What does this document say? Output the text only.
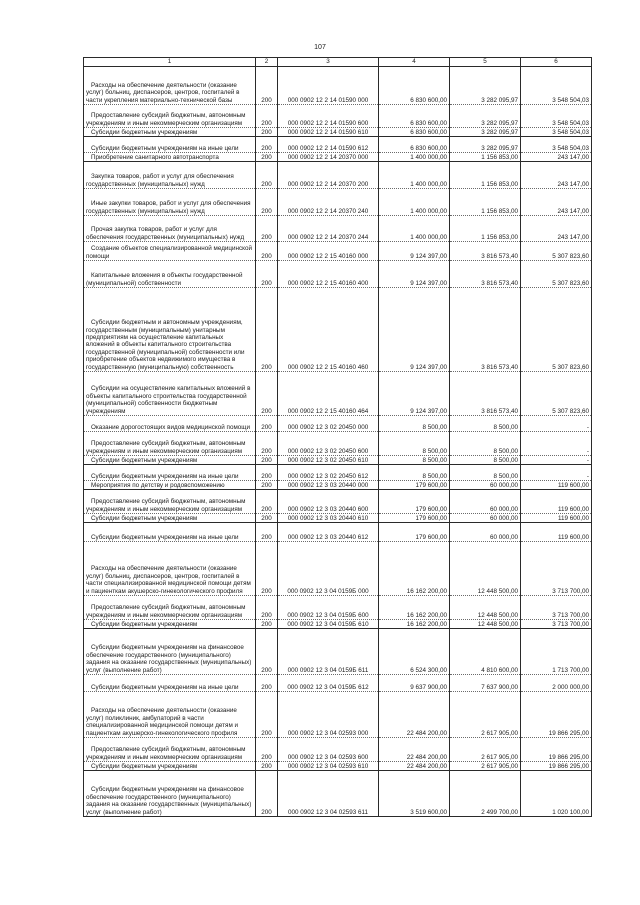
107
1	2	3	4	5	6

Расходы на обеспечение деятельности (оказание услуг) больниц, диспансеров, центров, госпиталей в части укрепления материально-технической базы	200	000 0902 12 2 14 01590 000	6 830 600,00	3 282 095,97	3 548 504,03

Предоставление субсидий бюджетным, автономным учреждениям и иным некоммерческим организациям	200	000 0902 12 2 14 01590 600	6 830 600,00	3 282 095,97	3 548 504,03

Субсидии бюджетным учреждениям	200	000 0902 12 2 14 01590 610	6 830 600,00	3 282 095,97	3 548 504,03

Субсидии бюджетным учреждениям на иные цели	200	000 0902 12 2 14 01590 612	6 830 600,00	3 282 095,97	3 548 504,03

Приобретение санитарного автотранспорта	200	000 0902 12 2 14 20370 000	1 400 000,00	1 156 853,00	243 147,00

Закупка товаров, работ и услуг для обеспечения государственных (муниципальных) нужд	200	000 0902 12 2 14 20370 200	1 400 000,00	1 156 853,00	243 147,00

Иные закупки товаров, работ и услуг для обеспечения государственных (муниципальных) нужд	200	000 0902 12 2 14 20370 240	1 400 000,00	1 156 853,00	243 147,00

Прочая закупка товаров, работ и услуг для обеспечения государственных (муниципальных) нужд	200	000 0902 12 2 14 20370 244	1 400 000,00	1 156 853,00	243 147,00

Создание объектов специализированной медицинской помощи	200	000 0902 12 2 15 40160 000	9 124 397,00	3 816 573,40	5 307 823,60

Капитальные вложения в объекты государственной (муниципальной) собственности	200	000 0902 12 2 15 40160 400	9 124 397,00	3 816 573,40	5 307 823,60

Субсидии бюджетным и автономным учреждениям, государственным (муниципальным) унитарным предприятиям на осуществление капитальных вложений в объекты капитального строительства государственной (муниципальной) собственности или приобретение объектов недвижимого имущества в государственную (муниципальную) собственность	200	000 0902 12 2 15 40160 460	9 124 397,00	3 816 573,40	5 307 823,60

Субсидии на осуществление капитальных вложений в объекты капитального строительства государственной (муниципальной) собственности бюджетным учреждениям	200	000 0902 12 2 15 40160 464	9 124 397,00	3 816 573,40	5 307 823,60

Оказание дорогостоящих видов медицинской помощи	200	000 0902 12 3 02 20450 000	8 500,00	8 500,00	-

Предоставление субсидий бюджетным, автономным учреждениям и иным некоммерческим организациям	200	000 0902 12 3 02 20450 600	8 500,00	8 500,00	-

Субсидии бюджетным учреждениям	200	000 0902 12 3 02 20450 610	8 500,00	8 500,00	-

Субсидии бюджетным учреждениям на иные цели	200	000 0902 12 3 02 20450 612	8 500,00	8 500,00	-

Мероприятия по детству и родовспоможению	200	000 0902 12 3 03 20440 000	179 600,00	60 000,00	119 600,00

Предоставление субсидий бюджетным, автономным учреждениям и иным некоммерческим организациям	200	000 0902 12 3 03 20440 600	179 600,00	60 000,00	119 600,00

Субсидии бюджетным учреждениям	200	000 0902 12 3 03 20440 610	179 600,00	60 000,00	119 600,00

Субсидии бюджетным учреждениям на иные цели	200	000 0902 12 3 03 20440 612	179 600,00	60 000,00	119 600,00

Расходы на обеспечение деятельности (оказание услуг) больниц, диспансеров, центров, госпиталей в части специализированной медицинской помощи детям и пациенткам акушерско-гинекологического профиля	200	000 0902 12 3 04 0159Б 000	16 162 200,00	12 448 500,00	3 713 700,00

Предоставление субсидий бюджетным, автономным учреждениям и иным некоммерческим организациям	200	000 0902 12 3 04 0159Б 600	16 162 200,00	12 448 500,00	3 713 700,00

Субсидии бюджетным учреждениям	200	000 0902 12 3 04 0159Б 610	16 162 200,00	12 448 500,00	3 713 700,00

Субсидии бюджетным учреждениям на финансовое обеспечение государственного (муниципального) задания на оказание государственных (муниципальных) услуг (выполнение работ)	200	000 0902 12 3 04 0159Б 611	6 524 300,00	4 810 600,00	1 713 700,00

Субсидии бюджетным учреждениям на иные цели	200	000 0902 12 3 04 0159Б 612	9 637 900,00	7 637 900,00	2 000 000,00

Расходы на обеспечение деятельности (оказание услуг) поликлиник, амбулаторий в части специализированной медицинской помощи детям и пациенткам акушерско-гинекологического профиля	200	000 0902 12 3 04 02593 000	22 484 200,00	2 617 905,00	19 866 295,00

Предоставление субсидий бюджетным, автономным учреждениям и иным некоммерческим организациям	200	000 0902 12 3 04 02593 600	22 484 200,00	2 617 905,00	19 866 295,00

Субсидии бюджетным учреждениям	200	000 0902 12 3 04 02593 610	22 484 200,00	2 617 905,00	19 866 295,00

Субсидии бюджетным учреждениям на финансовое обеспечение государственного (муниципального) задания на оказание государственных (муниципальных) услуг (выполнение работ)	200	000 0902 12 3 04 02593 611	3 519 600,00	2 499 700,00	1 020 100,00
